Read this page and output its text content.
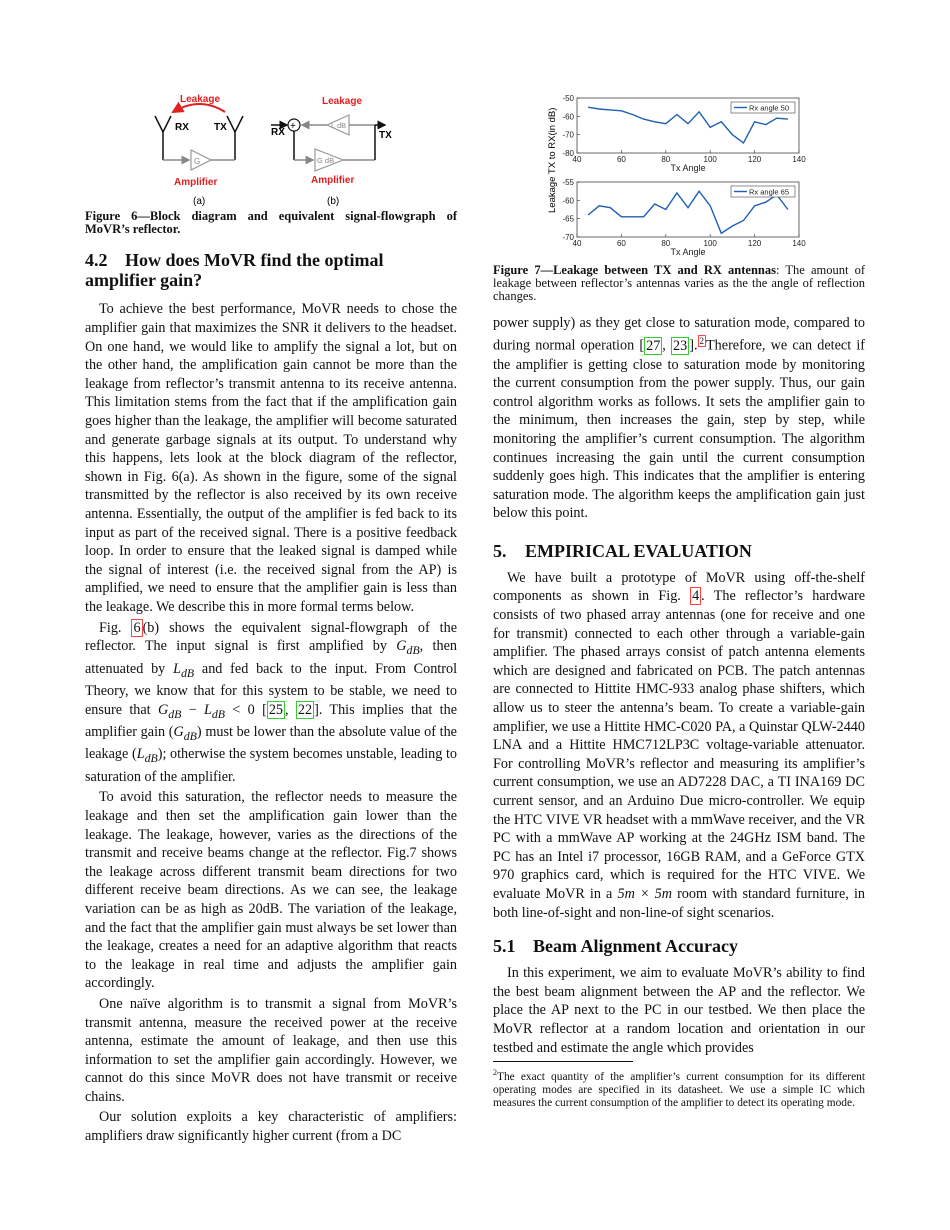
Leakage
RX	TX
G
Amplifier
(a)
Leakage
RX
+	L dB
G dB
TX
Amplifier
(b)
Figure 6—Block diagram and equivalent signal-flowgraph of MoVR’s reflector.
4.2 How does MoVR find the optimal amplifier gain?

To achieve the best performance, MoVR needs to chose the amplifier gain that maximizes the SNR it delivers to the headset. On one hand, we would like to amplify the signal a lot, but on the other hand, the amplification gain cannot be more than the leakage from reflector’s transmit antenna to its receive antenna. This limitation stems from the fact that if the amplification gain goes higher than the leakage, the amplifier will become saturated and generate garbage signals at its output. To understand why this happens, lets look at the block diagram of the reflector, shown in Fig. 6(a). As shown in the figure, some of the signal transmitted by the reflector is also received by its own receive antenna. Essentially, the output of the amplifier is fed back to its input as part of the received signal. There is a positive feedback loop. In order to ensure that the leaked signal is damped while the signal of interest (i.e. the received signal from the AP) is amplified, we need to ensure that the amplifier gain is less than the leakage. We describe this in more formal terms below.

Fig. 6 (b) shows the equivalent signal-flowgraph of the reflector. The input signal is first amplified by $G_{dB}$, then attenuated by $L_{dB}$ and fed back to the input. From Control Theory, we know that for this system to be stable, we need to ensure that $G_{dB} - L_{dB} < 0$ [ 25 , 22 ]. This implies that the amplifier gain $(G_{dB})$ must be lower than the absolute value of the leakage $(L_{dB})$; otherwise the system becomes unstable, leading to saturation of the amplifier.

To avoid this saturation, the reflector needs to measure the leakage and then set the amplification gain lower than the leakage. The leakage, however, varies as the directions of the transmit and receive beams change at the reflector. Fig.7 shows the leakage across different transmit beam directions for two different receive beam directions. As we can see, the leakage variation can be as high as 20dB. The variation of the leakage, and the fact that the amplifier gain must always be set lower than the leakage, creates a need for an adaptive algorithm that reacts to the leakage in real time and adjusts the amplifier gain accordingly.

One naïve algorithm is to transmit a signal from MoVR’s transmit antenna, measure the received power at the receive antenna, estimate the amount of leakage, and then use this information to set the amplifier gain accordingly. However, we cannot do this since MoVR does not have transmit or receive chains.

Our solution exploits a key characteristic of amplifiers: amplifiers draw significantly higher current (from a DC

Leakage TX to RX(in dB) 40	60	80	100	120	140
-50
-60
-70
-80
Tx Angle
Rx angle 50
40	60	80	100	120	140
-55
-60
-65
-70
Tx Angle
Rx angle 65
Figure 7—Leakage between TX and RX antennas: The amount of leakage between reflector’s antennas varies as the the angle of reflection changes.

power supply) as they get close to saturation mode, compared to during normal operation [ 27 , 23 ]. $^2$ Therefore, we can detect if the amplifier is getting close to saturation mode by monitoring the current consumption from the power supply. Thus, our gain control algorithm works as follows. It sets the amplifier gain to the minimum, then increases the gain, step by step, while monitoring the amplifier’s current consumption. The algorithm continues increasing the gain until the current consumption suddenly goes high. This indicates that the amplifier is entering saturation mode. The algorithm keeps the amplification gain just below this point.

5. EMPIRICAL EVALUATION

We have built a prototype of MoVR using off-the-shelf components as shown in Fig. 4 . The reflector’s hardware consists of two phased array antennas (one for receive and one for transmit) connected to each other through a variable-gain amplifier. The phased arrays consist of patch antenna elements which are designed and fabricated on PCB. The patch antennas are connected to Hittite HMC-933 analog phase shifters, which allow us to steer the antenna’s beam. To create a variable-gain amplifier, we use a Hittite HMC-C020 PA, a Quinstar QLW-2440 LNA and a Hittite HMC712LP3C voltage-variable attenuator. For controlling MoVR’s reflector and measuring its amplifier’s current consumption, we use an AD7228 DAC, a TI INA169 DC current sensor, and an Arduino Due micro-controller. We equip the HTC VIVE VR headset with a mmWave receiver, and the VR PC with a mmWave AP working at the 24GHz ISM band. The PC has an Intel i7 processor, 16GB RAM, and a GeForce GTX 970 graphics card, which is required for the HTC VIVE. We evaluate MoVR in a 5m × 5m room with standard furniture, in both line-of-sight and non-line-of sight scenarios.

5.1 Beam Alignment Accuracy

In this experiment, we aim to evaluate MoVR’s ability to find the best beam alignment between the AP and the reflector. We place the AP next to the PC in our testbed. We then place the MoVR reflector at a random location and orientation in our testbed and estimate the angle which provides

$^2$The exact quantity of the amplifier’s current consumption for its different operating modes are specified in its datasheet. We use a simple IC which measures the current consumption of the amplifier to detect its operating mode.
